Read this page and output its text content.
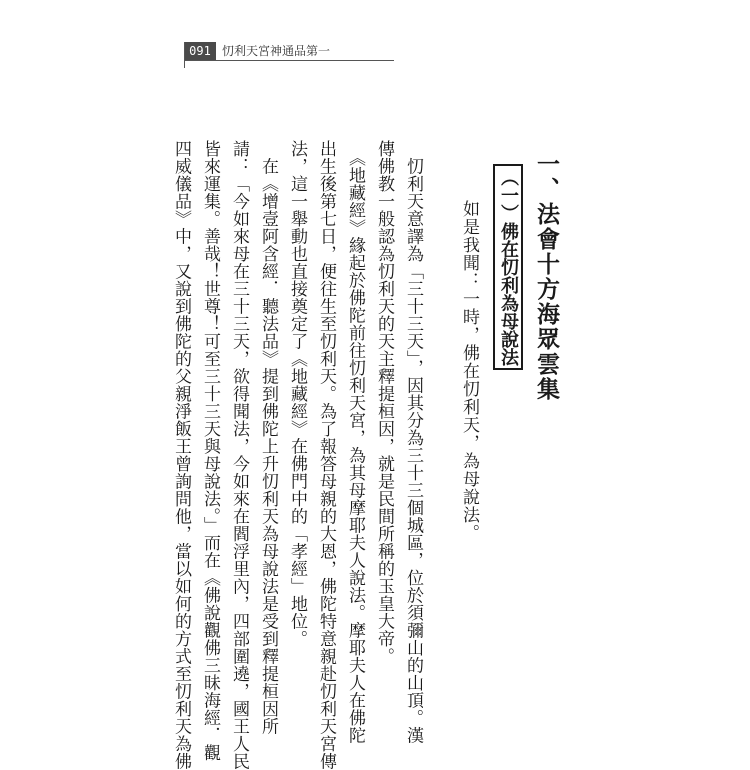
091 忉利天宮神通品第一
一、法會十方海眾雲集
（一）佛在忉利為母說法
如是我聞：一時，佛在忉利天，為母說法。
　忉利天意譯為「三十三天」，因其分為三十三個城區，位於須彌山的山頂。漢
傳佛教一般認為忉利天的天主釋提桓因，就是民間所稱的玉皇大帝。
　《地藏經》緣起於佛陀前往忉利天宮，為其母摩耶夫人說法。摩耶夫人在佛陀
出生後第七日，便往生至忉利天。為了報答母親的大恩，佛陀特意親赴忉利天宮傳
法，這一舉動也直接奠定了《地藏經》在佛門中的「孝經」地位。
　在《增壹阿含經．聽法品》提到佛陀上升忉利天為母說法是受到釋提桓因所
請：「今如來母在三十三天，欲得聞法，今如來在閻浮里內，四部圍遶，國王人民
皆來運集。善哉！世尊！可至三十三天與母說法。」而在《佛說觀佛三昧海經．觀
四威儀品》中，又說到佛陀的父親淨飯王曾詢問他，當以如何的方式至忉利天為佛
